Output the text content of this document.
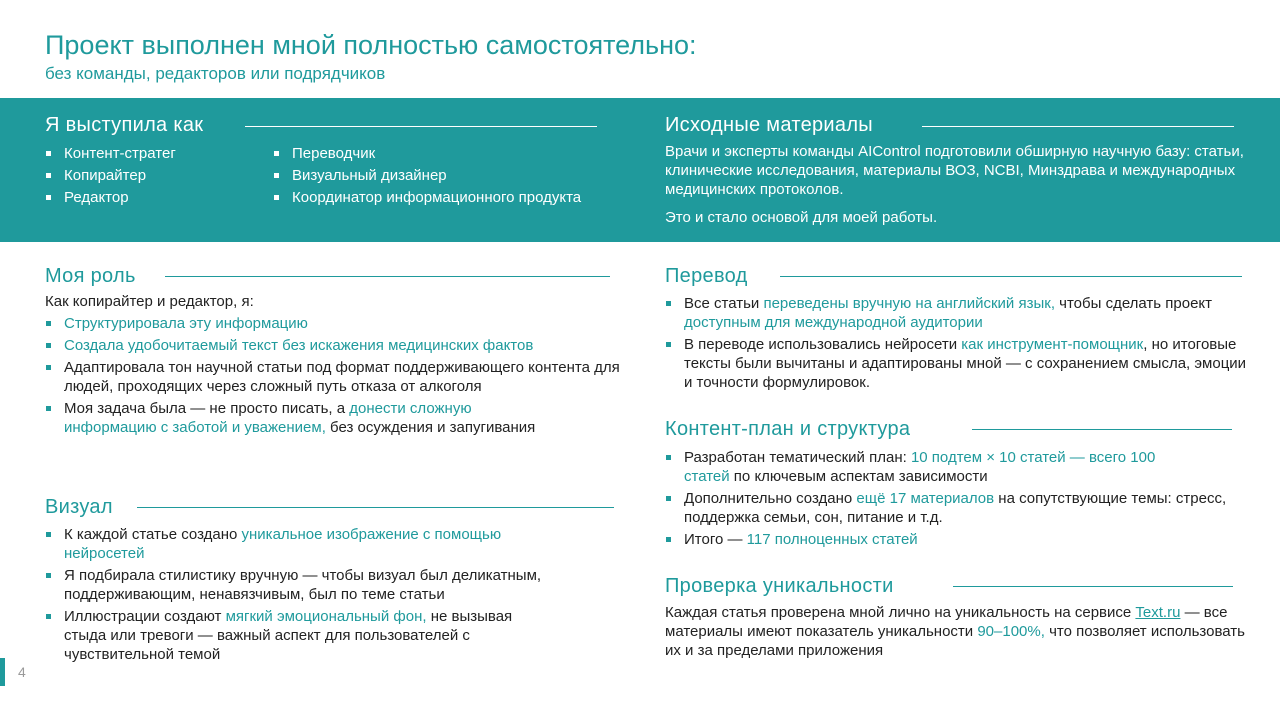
Проект выполнен мной полностью самостоятельно:
без команды, редакторов или подрядчиков
Я выступила как
Контент-стратег
Копирайтер
Редактор
Переводчик
Визуальный дизайнер
Координатор информационного продукта
Исходные материалы
Врачи и эксперты команды AIControl подготовили обширную научную базу: статьи, клинические исследования, материалы ВОЗ, NCBI, Минздрава и международных медицинских протоколов.
Это и стало основой для моей работы.
Моя роль
Как копирайтер и редактор, я:
Структурировала эту информацию
Создала удобочитаемый текст без искажения медицинских фактов
Адаптировала тон научной статьи под формат поддерживающего контента для людей, проходящих через сложный путь отказа от алкоголя
Моя задача была — не просто писать, а донести сложную информацию с заботой и уважением, без осуждения и запугивания
Визуал
К каждой статье создано уникальное изображение с помощью нейросетей
Я подбирала стилистику вручную — чтобы визуал был деликатным, поддерживающим, ненавязчивым, был по теме статьи
Иллюстрации создают мягкий эмоциональный фон, не вызывая стыда или тревоги — важный аспект для пользователей с чувствительной темой
Перевод
Все статьи переведены вручную на английский язык, чтобы сделать проект доступным для международной аудитории
В переводе использовались нейросети как инструмент-помощник, но итоговые тексты были вычитаны и адаптированы мной — с сохранением смысла, эмоции и точности формулировок.
Контент-план и структура
Разработан тематический план: 10 подтем × 10 статей — всего 100 статей по ключевым аспектам зависимости
Дополнительно создано ещё 17 материалов на сопутствующие темы: стресс, поддержка семьи, сон, питание и т.д.
Итого — 117 полноценных статей
Проверка уникальности
Каждая статья проверена мной лично на уникальность на сервисе Text.ru — все материалы имеют показатель уникальности 90–100%, что позволяет использовать их и за пределами приложения
4
